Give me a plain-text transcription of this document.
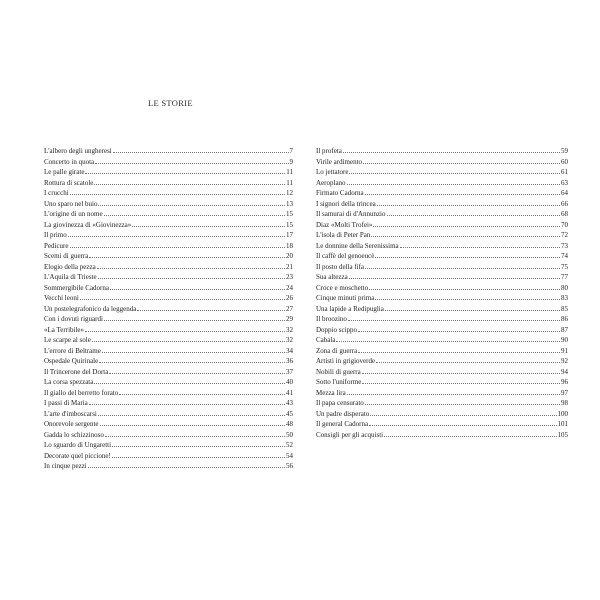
LE STORIE
L'albero degli ungheresi	7
Concerto in quota	9
Le palle girate	11
Rottura di scatole	11
I crucchi	12
Uno sparo nel buio	13
L'origine di un nome	15
La giovinezza di «Giovinezza»	15
Il primo	17
Pedicure	18
Scemi di guerra	20
Elogio della pezza	21
L'Aquila di Trieste	23
Sommergibile Cadorna	24
Vecchi leoni	26
Un postelegrafonico da leggenda	27
Con i dovuti riguardi	29
«La Terribile»	32
Le scarpe al sole	32
L'errore di Beltrame	34
Ospedale Quirinale	36
Il Trincerone del Dorta	37
La corsa spezzata	40
Il giallo del berretto forato	41
I passi di Maria	43
L'arte d'imboscarsi	45
Onorevole sergente	48
Gadda lo schizzinoso	50
Lo sguardo di Ungaretti	52
Decorate quel piccione!	54
In cinque pezzi	56
Il profeta	59
Virile ardimento	60
Lo jettatore	61
Aeroplano	63
Firmato Cadorna	64
I signori della trincea	66
Il samurai di d'Annunzio	68
Diaz «Molti Trofei»	70
L'isola di Peter Pan	72
Le donnine della Serenissima	73
Il caffè del genoeucè	74
Il posto della fifa	75
Sua altezza	77
Croce e moschetto	80
Cinque minuti prima	83
Una lapide a Redipuglia	85
Il broozino	86
Doppio scippo	87
Cabala	90
Zona di guerra	91
Artisti in grigioverde	92
Nobili di guerra	94
Sotto l'uniforme	96
Mezza lira	97
Il papa censurato	98
Un padre disperato	100
Il general Cadorna	101
Consigli per gli acquisti	105
